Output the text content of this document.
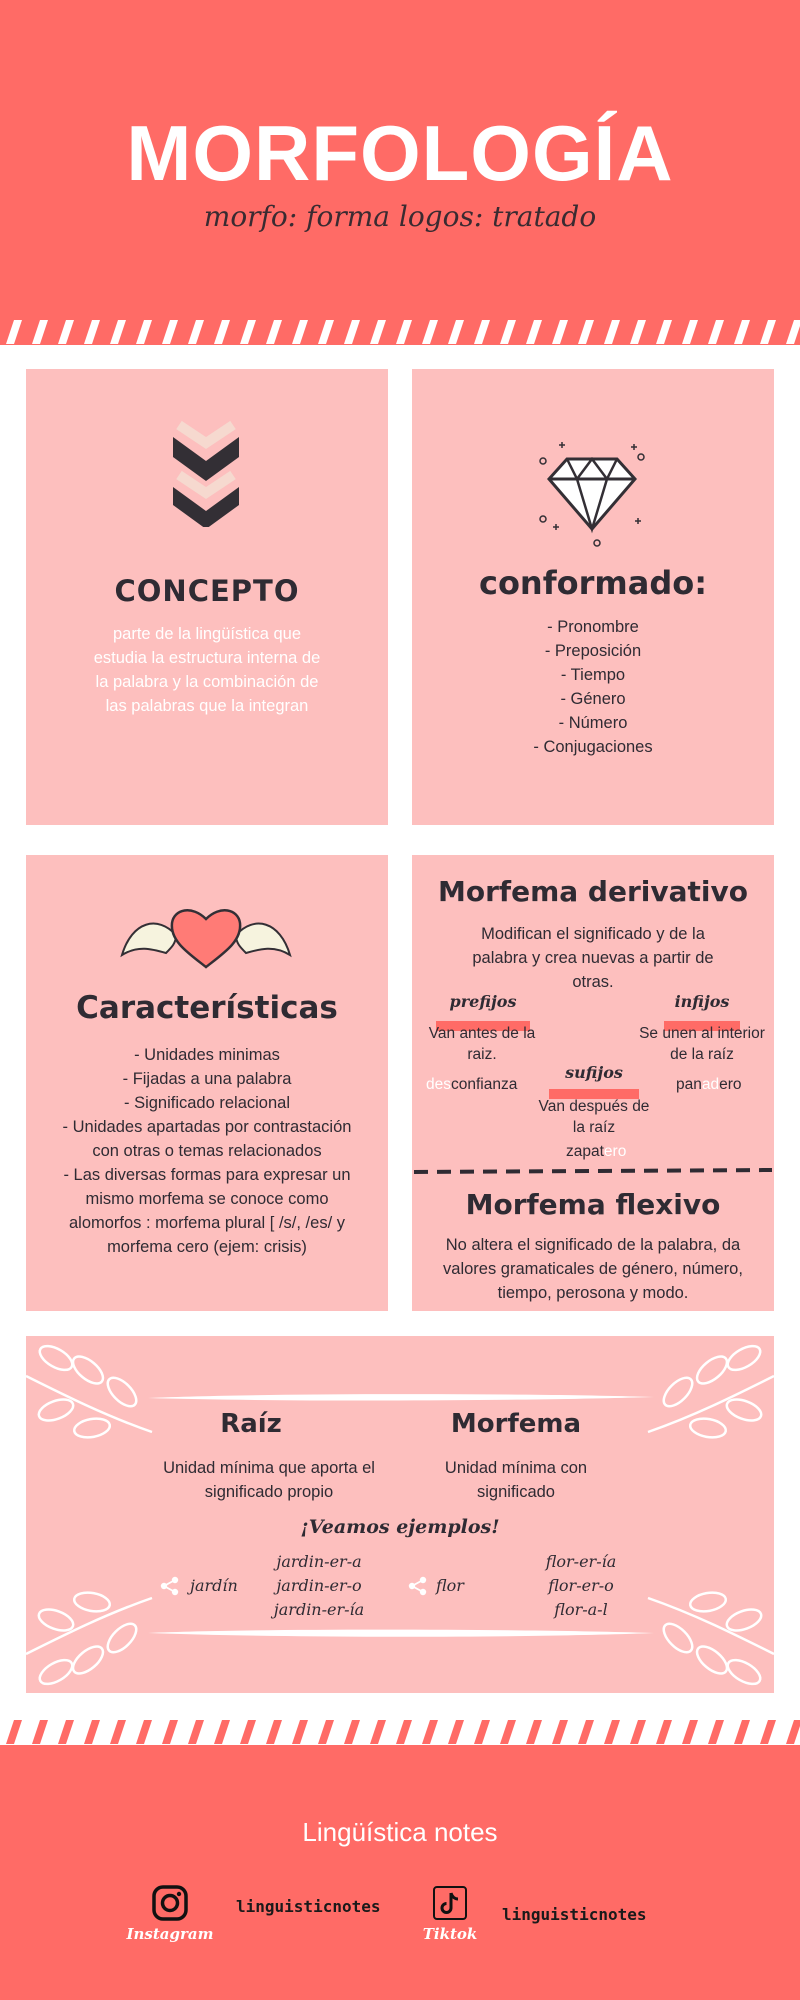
MORFOLOGÍA
morfo: forma logos: tratado
CONCEPTO
parte de la lingüística que estudia la estructura interna de la palabra y la combinación de las palabras que la integran
conformado:
- Pronombre
- Preposición
- Tiempo
- Género
- Número
- Conjugaciones
Características
- Unidades minimas
- Fijadas a una palabra
- Significado relacional
- Unidades apartadas por contrastación con otras o temas relacionados
- Las diversas formas para expresar un mismo morfema se conoce como alomorfos : morfema plural [ /s/, /es/ y morfema cero (ejem: crisis)
Morfema derivativo
Modifican el significado y de la palabra y crea nuevas a partir de otras.
prefijos
Van antes de la raiz.
desconfianza
infijos
Se unen al interior de la raíz
panadero
sufijos
Van después de la raíz
zapatero
Morfema flexivo
No altera el significado de la palabra, da valores gramaticales de género, número, tiempo, perosona y modo.
Raíz
Unidad mínima que aporta el significado propio
Morfema
Unidad mínima con significado
¡Veamos ejemplos!
jardín
jardin-er-a
jardin-er-o
jardin-er-ía
flor
flor-er-ía
flor-er-o
flor-a-l
Lingüística notes
Instagram
linguisticnotes
Tiktok
linguisticnotes
